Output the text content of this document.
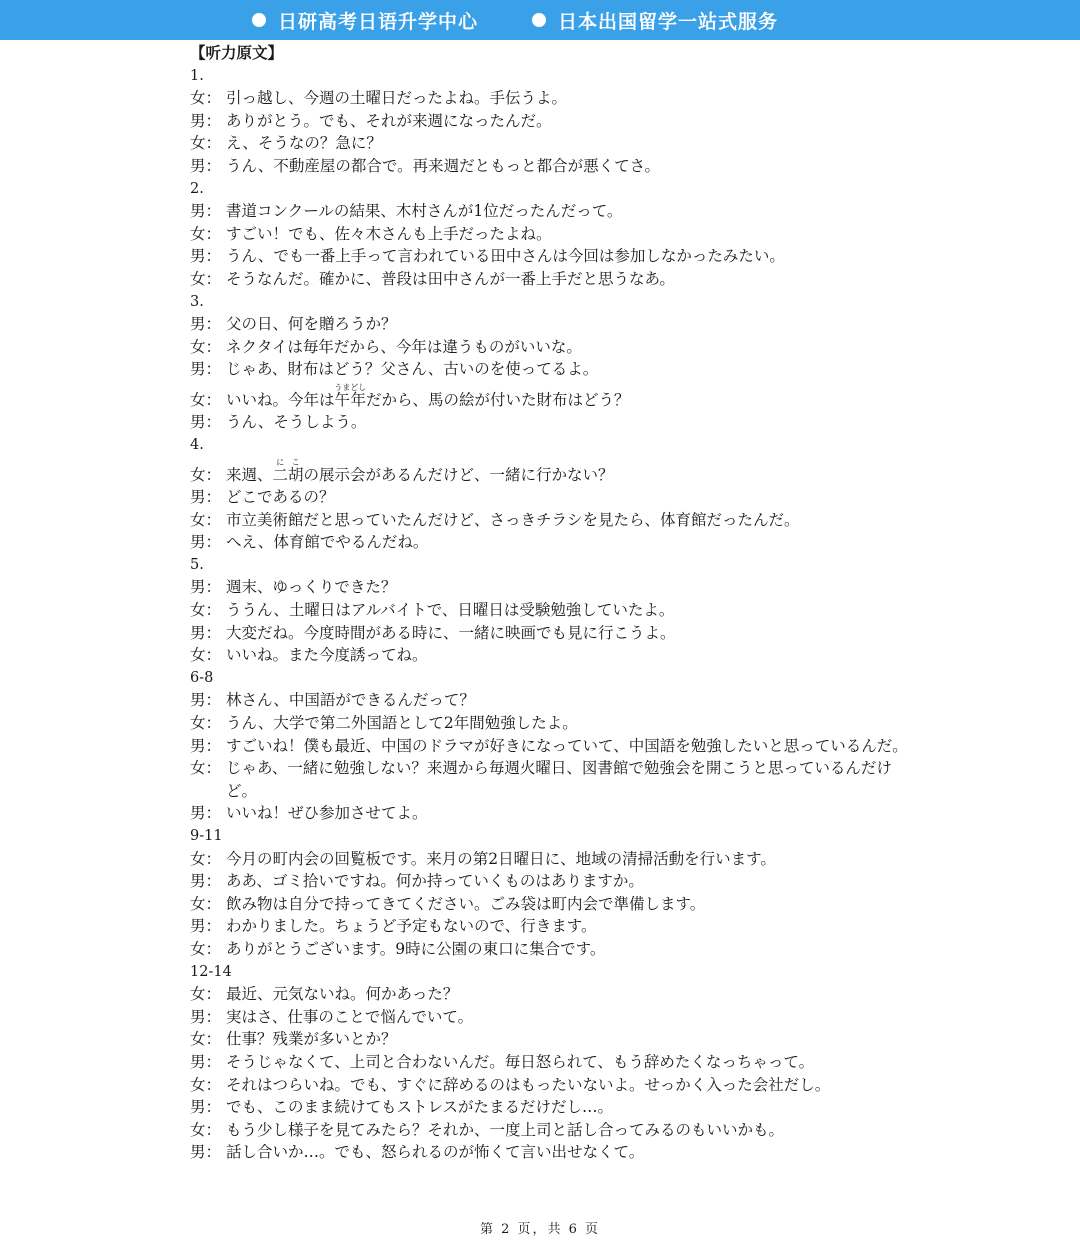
日研高考日语升学中心	日本出国留学一站式服务
【听力原文】
1.
女： 引っ越し、今週の土曜日だったよね。手伝うよ。
男： ありがとう。でも、それが来週になったんだ。
女： え、そうなの？急に？
男： うん、不動産屋の都合で。再来週だともっと都合が悪くてさ。
2.
男： 書道コンクールの結果、木村さんが1位だったんだって。
女： すごい！でも、佐々木さんも上手だったよね。
男： うん、でも一番上手って言われている田中さんは今回は参加しなかったみたい。
女： そうなんだ。確かに、普段は田中さんが一番上手だと思うなあ。
3.
男： 父の日、何を贈ろうか？
女： ネクタイは毎年だから、今年は違うものがいいな。
男： じゃあ、財布はどう？父さん、古いのを使ってるよ。
女： いいね。今年は午年うまどしだから、馬の絵が付いた財布はどう？
男： うん、そうしよう。
4.
女： 来週、二胡にこの展示会があるんだけど、一緒に行かない？
男： どこであるの？
女： 市立美術館だと思っていたんだけど、さっきチラシを見たら、体育館だったんだ。
男： へえ、体育館でやるんだね。
5.
男： 週末、ゆっくりできた？
女： ううん、土曜日はアルバイトで、日曜日は受験勉強していたよ。
男： 大変だね。今度時間がある時に、一緒に映画でも見に行こうよ。
女： いいね。また今度誘ってね。
6-8
男： 林さん、中国語ができるんだって？
女： うん、大学で第二外国語として2年間勉強したよ。
男： すごいね！僕も最近、中国のドラマが好きになっていて、中国語を勉強したいと思っているんだ。
女： じゃあ、一緒に勉強しない？来週から毎週火曜日、図書館で勉強会を開こうと思っているんだけど。
男： いいね！ぜひ参加させてよ。
9-11
女： 今月の町内会の回覧板です。来月の第2日曜日に、地域の清掃活動を行います。
男： ああ、ゴミ拾いですね。何か持っていくものはありますか。
女： 飲み物は自分で持ってきてください。ごみ袋は町内会で準備します。
男： わかりました。ちょうど予定もないので、行きます。
女： ありがとうございます。9時に公園の東口に集合です。
12-14
女： 最近、元気ないね。何かあった？
男： 実はさ、仕事のことで悩んでいて。
女： 仕事？残業が多いとか？
男： そうじゃなくて、上司と合わないんだ。毎日怒られて、もう辞めたくなっちゃって。
女： それはつらいね。でも、すぐに辞めるのはもったいないよ。せっかく入った会社だし。
男： でも、このまま続けてもストレスがたまるだけだし…。
女： もう少し様子を見てみたら？それか、一度上司と話し合ってみるのもいいかも。
男： 話し合いか…。でも、怒られるのが怖くて言い出せなくて。
第 2 页，共 6 页
